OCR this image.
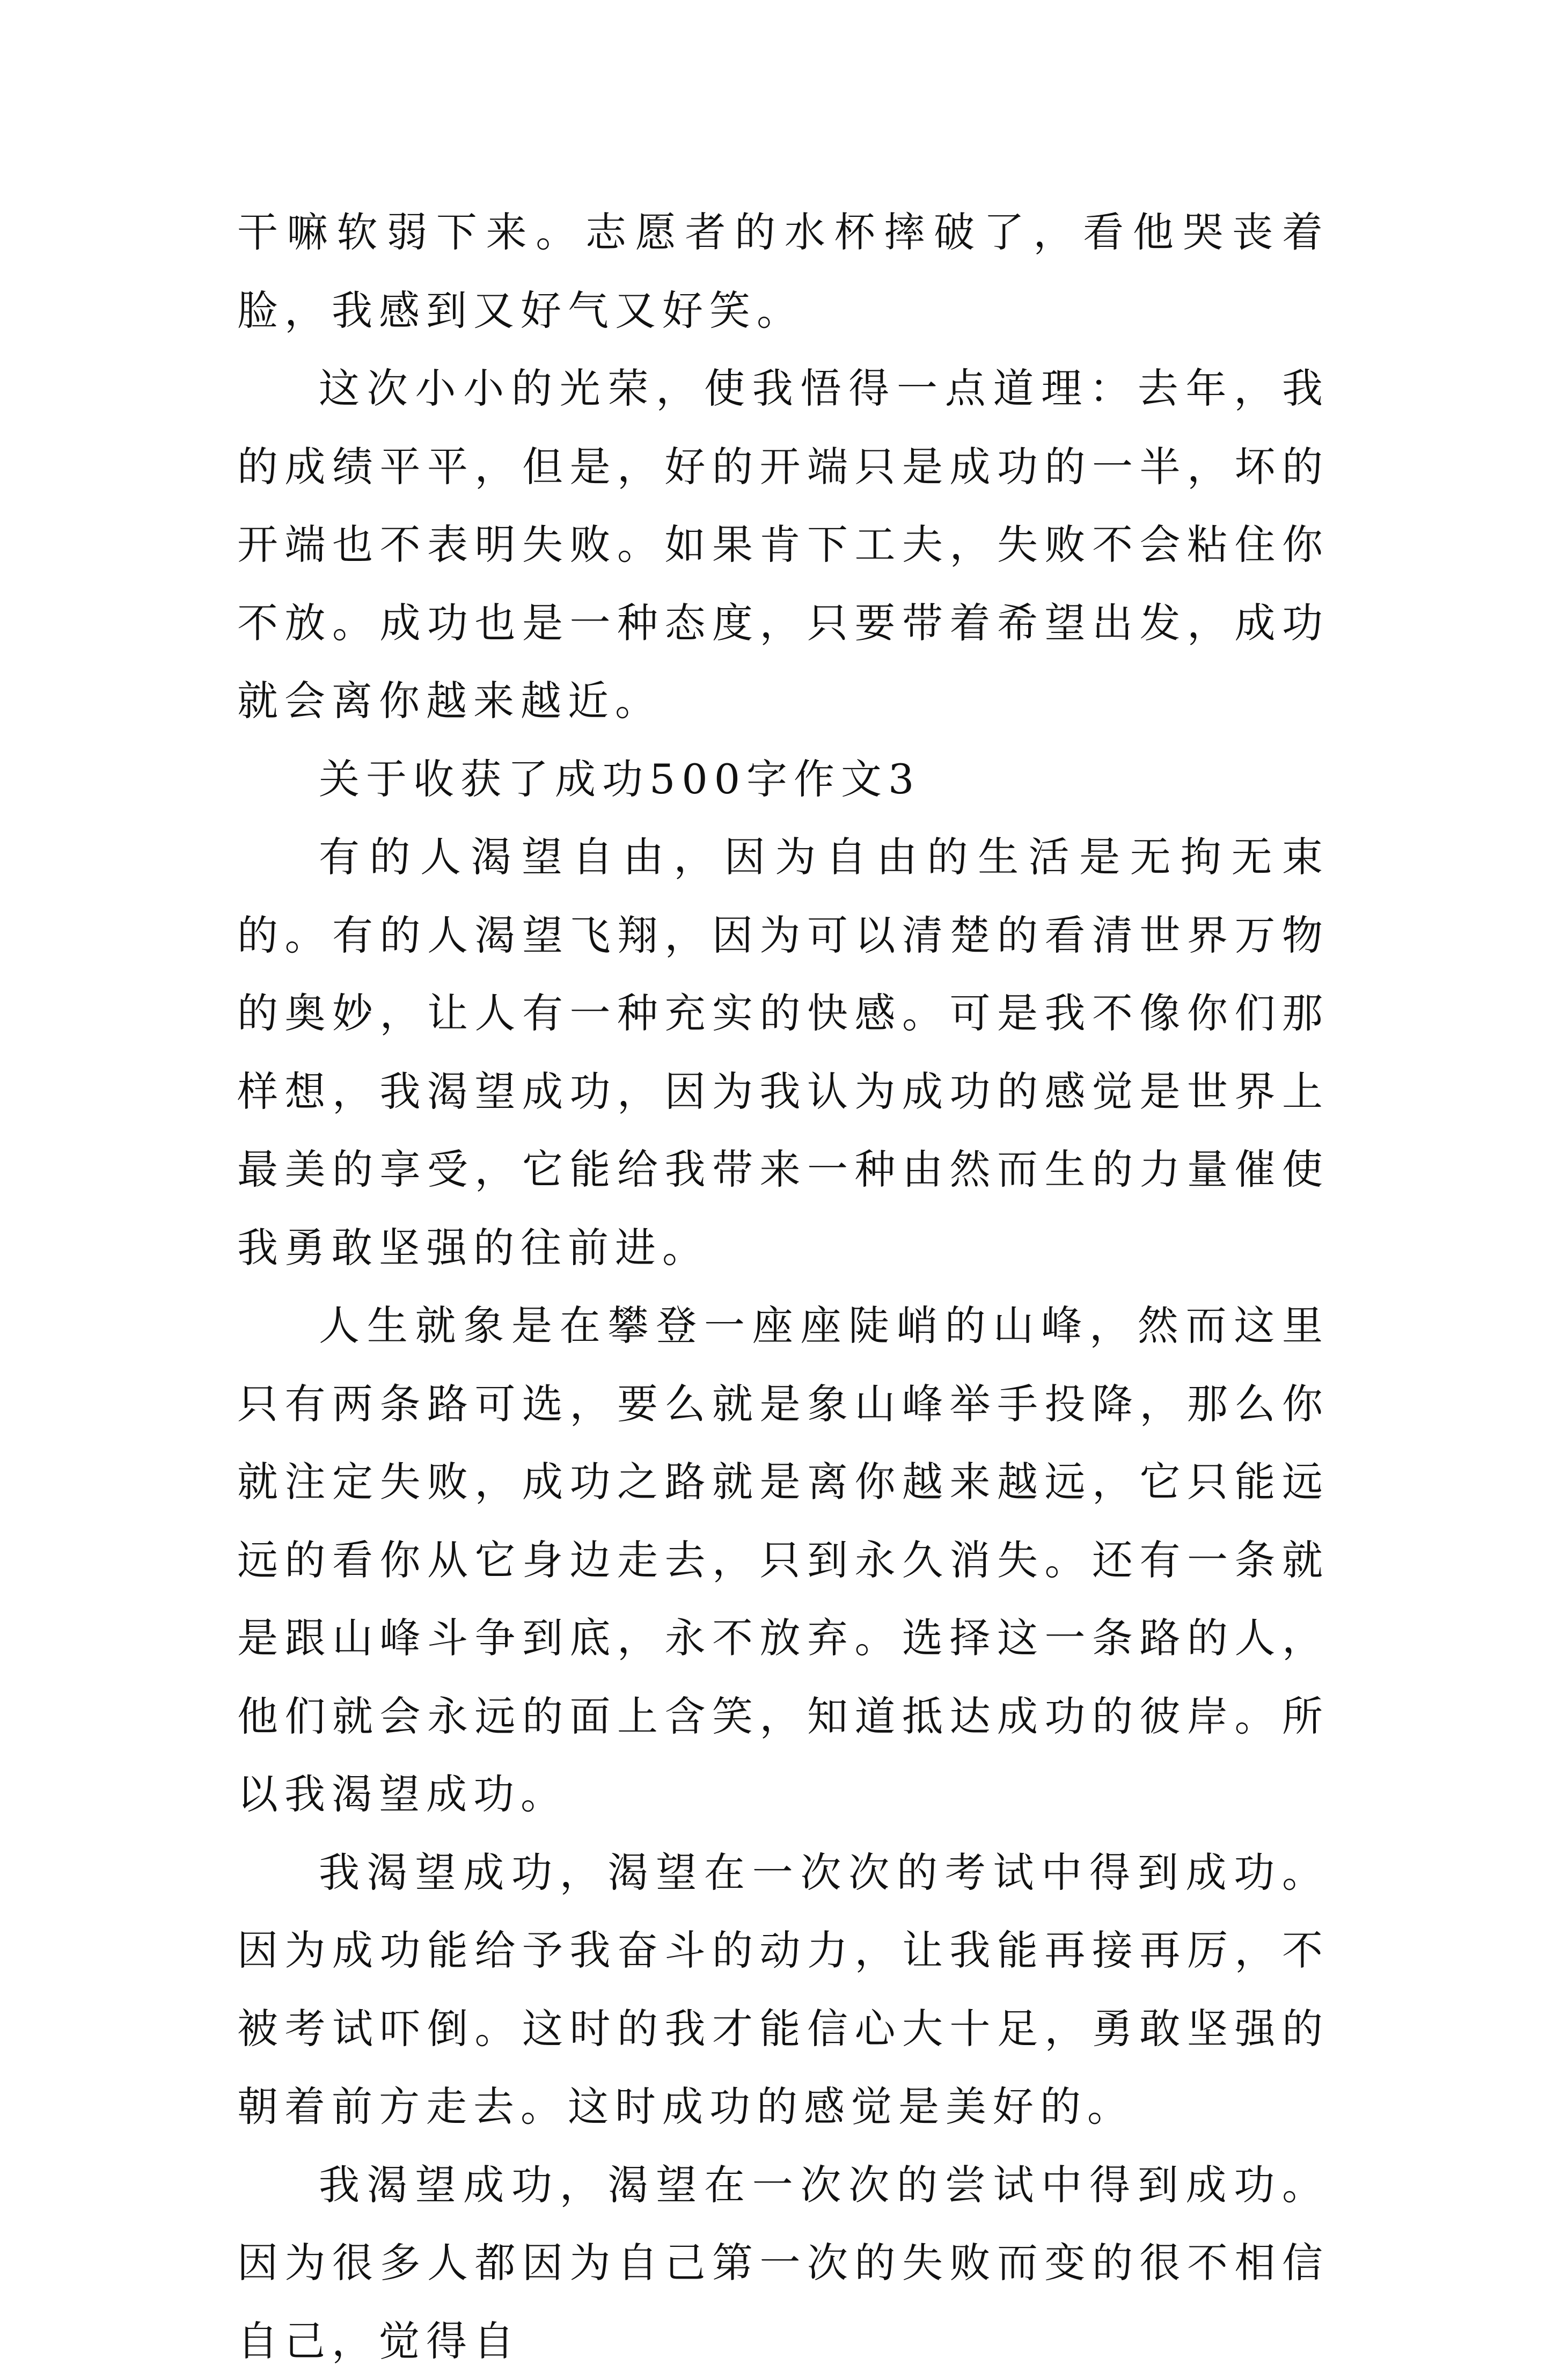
干嘛软弱下来。志愿者的水杯摔破了，看他哭丧着脸，我感到又好气又好笑。

这次小小的光荣，使我悟得一点道理：去年，我的成绩平平，但是，好的开端只是成功的一半，坏的开端也不表明失败。如果肯下工夫，失败不会粘住你不放。成功也是一种态度，只要带着希望出发，成功就会离你越来越近。

关于收获了成功500字作文3

有的人渴望自由，因为自由的生活是无拘无束的。有的人渴望飞翔，因为可以清楚的看清世界万物的奥妙，让人有一种充实的快感。可是我不像你们那样想，我渴望成功，因为我认为成功的感觉是世界上最美的享受，它能给我带来一种由然而生的力量催使我勇敢坚强的往前进。

人生就象是在攀登一座座陡峭的山峰，然而这里只有两条路可选，要么就是象山峰举手投降，那么你就注定失败，成功之路就是离你越来越远，它只能远远的看你从它身边走去，只到永久消失。还有一条就是跟山峰斗争到底，永不放弃。选择这一条路的人，他们就会永远的面上含笑，知道抵达成功的彼岸。所以我渴望成功。

我渴望成功，渴望在一次次的考试中得到成功。因为成功能给予我奋斗的动力，让我能再接再厉，不被考试吓倒。这时的我才能信心大十足，勇敢坚强的朝着前方走去。这时成功的感觉是美好的。

我渴望成功，渴望在一次次的尝试中得到成功。因为很多人都因为自己第一次的失败而变的很不相信自己，觉得自
